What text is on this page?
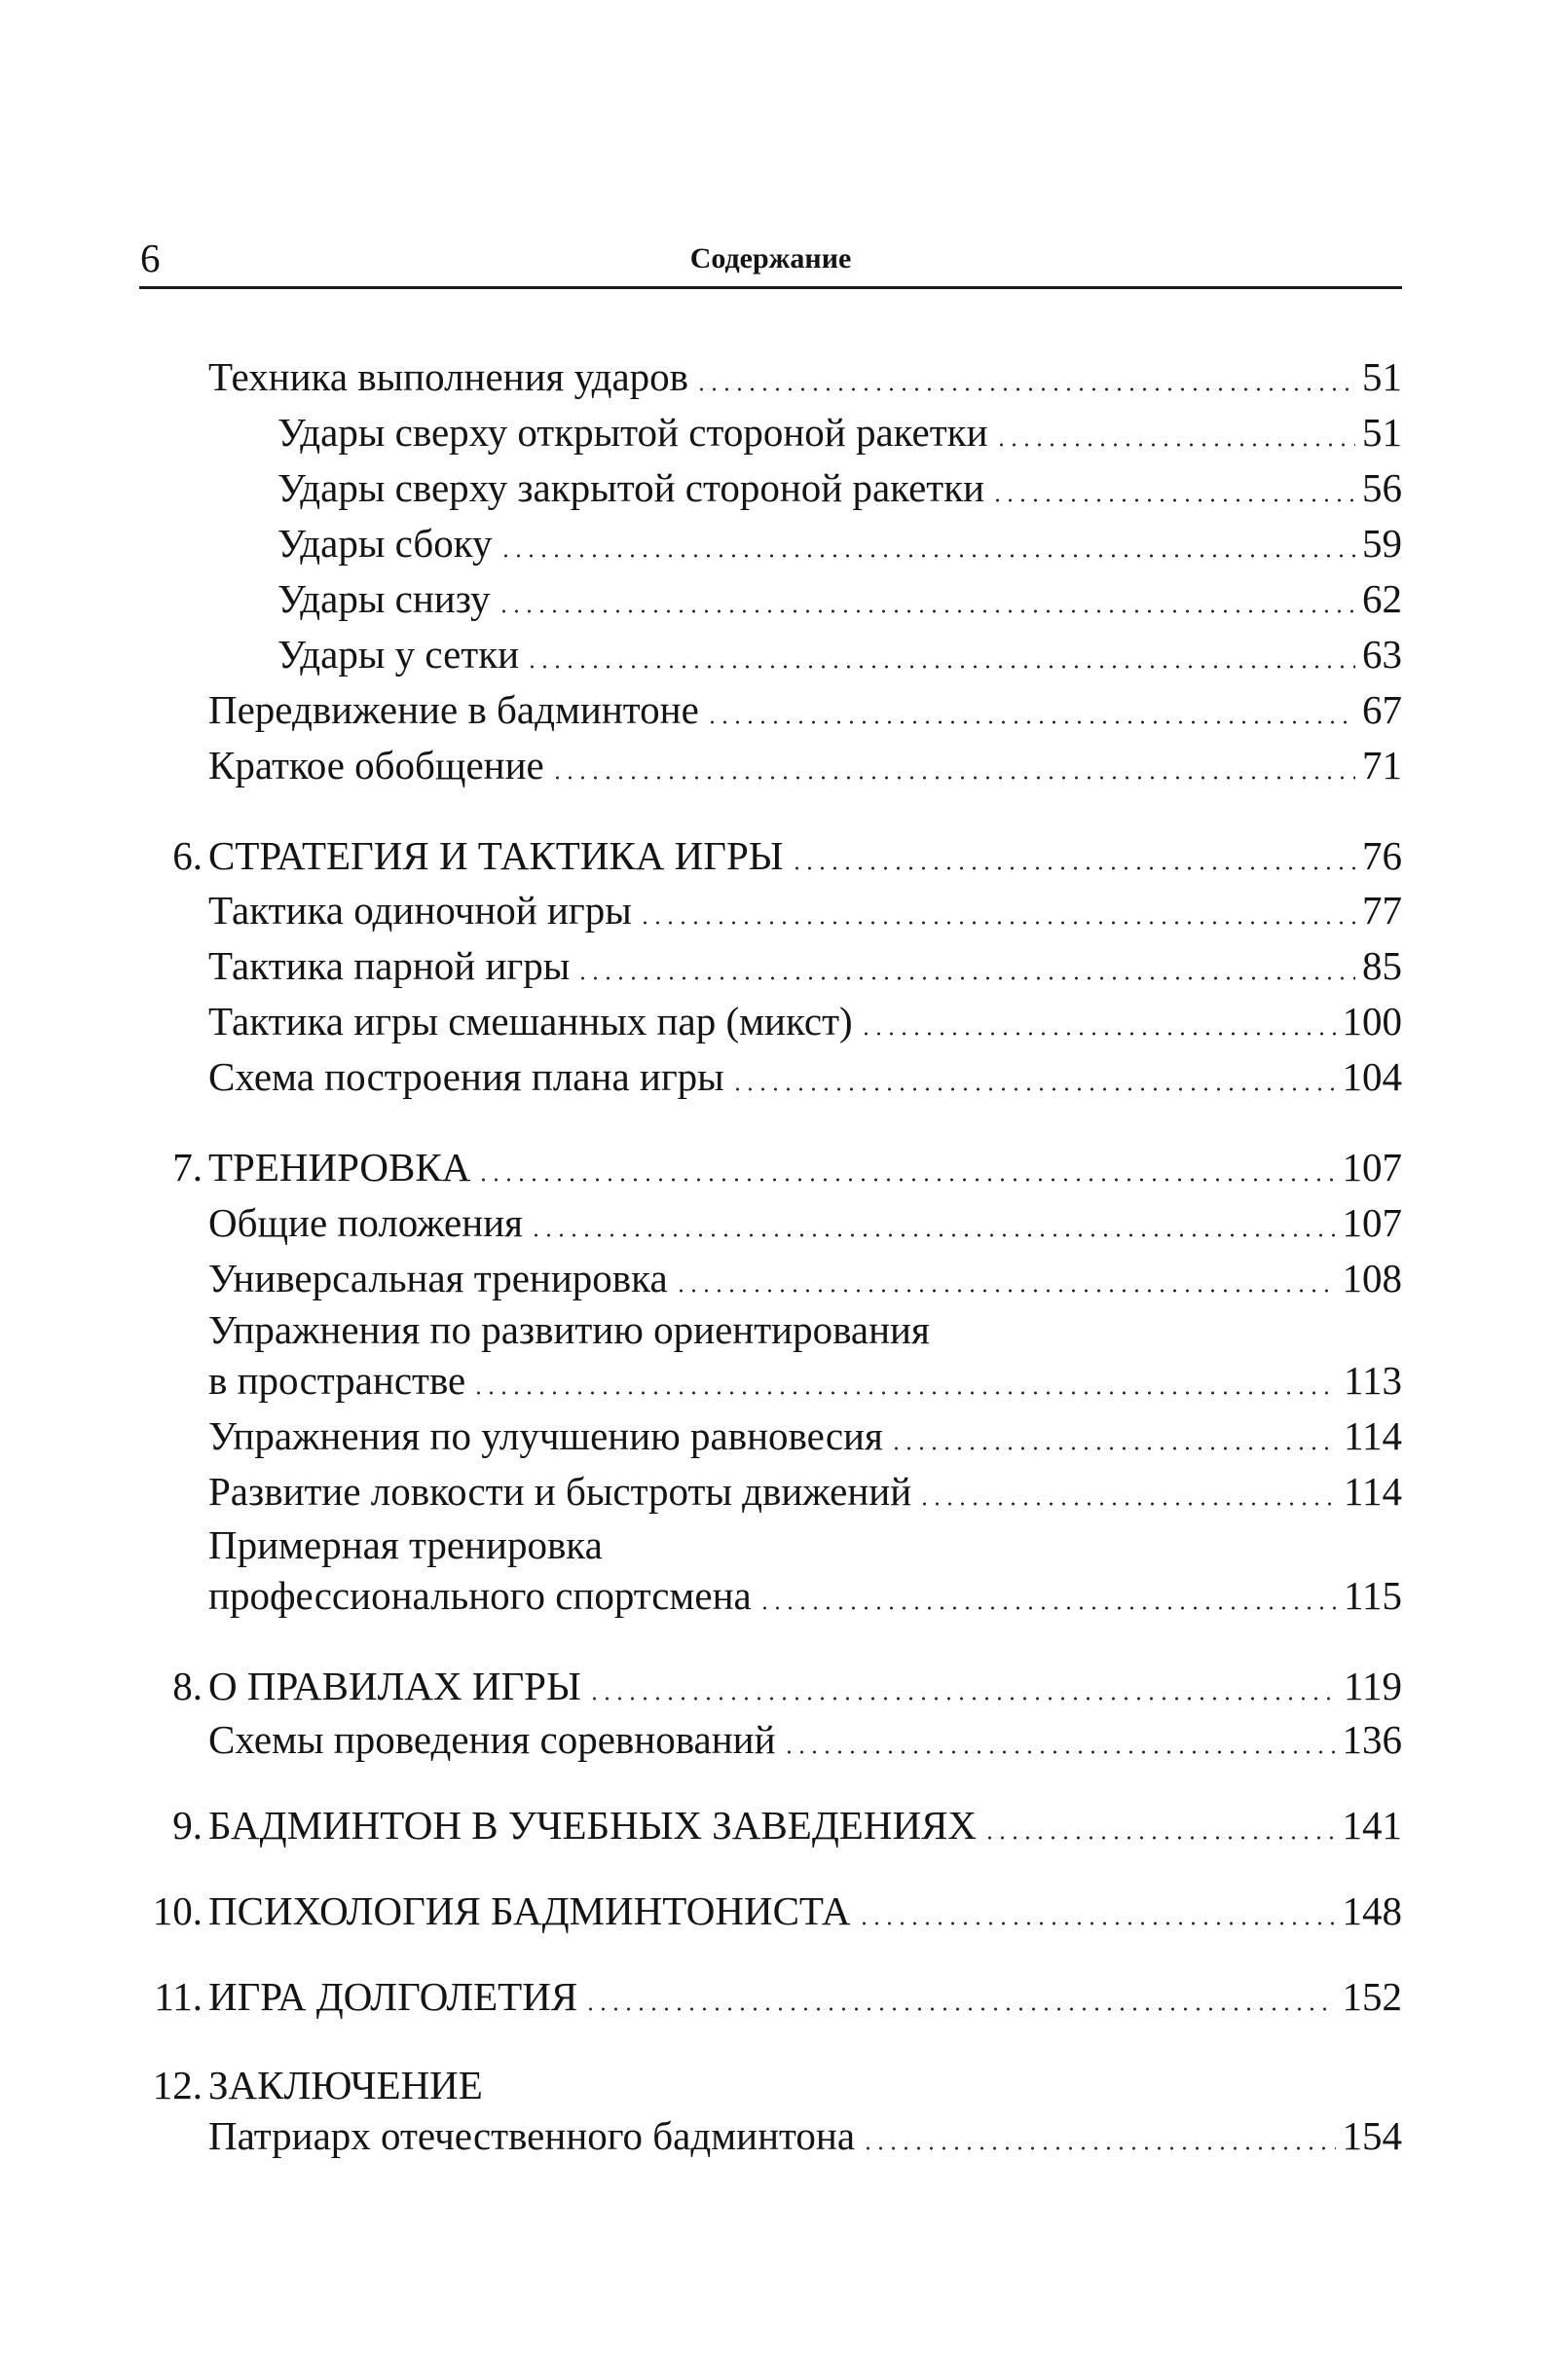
6	Содержание
Техника выполнения ударов	51
Удары сверху открытой стороной ракетки	51
Удары сверху закрытой стороной ракетки	56
Удары сбоку	59
Удары снизу	62
Удары у сетки	63
Передвижение в бадминтоне	67
Краткое обобщение	71
6. СТРАТЕГИЯ И ТАКТИКА ИГРЫ	76
Тактика одиночной игры	77
Тактика парной игры	85
Тактика игры смешанных пар (микст)	100
Схема построения плана игры	104
7. ТРЕНИРОВКА	107
Общие положения	107
Универсальная тренировка	108
Упражнения по развитию ориентирования
в пространстве	113
Упражнения по улучшению равновесия	114
Развитие ловкости и быстроты движений	114
Примерная тренировка
профессионального спортсмена	115
8. О ПРАВИЛАХ ИГРЫ	119
Схемы проведения соревнований	136
9. БАДМИНТОН В УЧЕБНЫХ ЗАВЕДЕНИЯХ	141
10. ПСИХОЛОГИЯ БАДМИНТОНИСТА	148
11. ИГРА ДОЛГОЛЕТИЯ	152
12. ЗАКЛЮЧЕНИЕ
Патриарх отечественного бадминтона	154
